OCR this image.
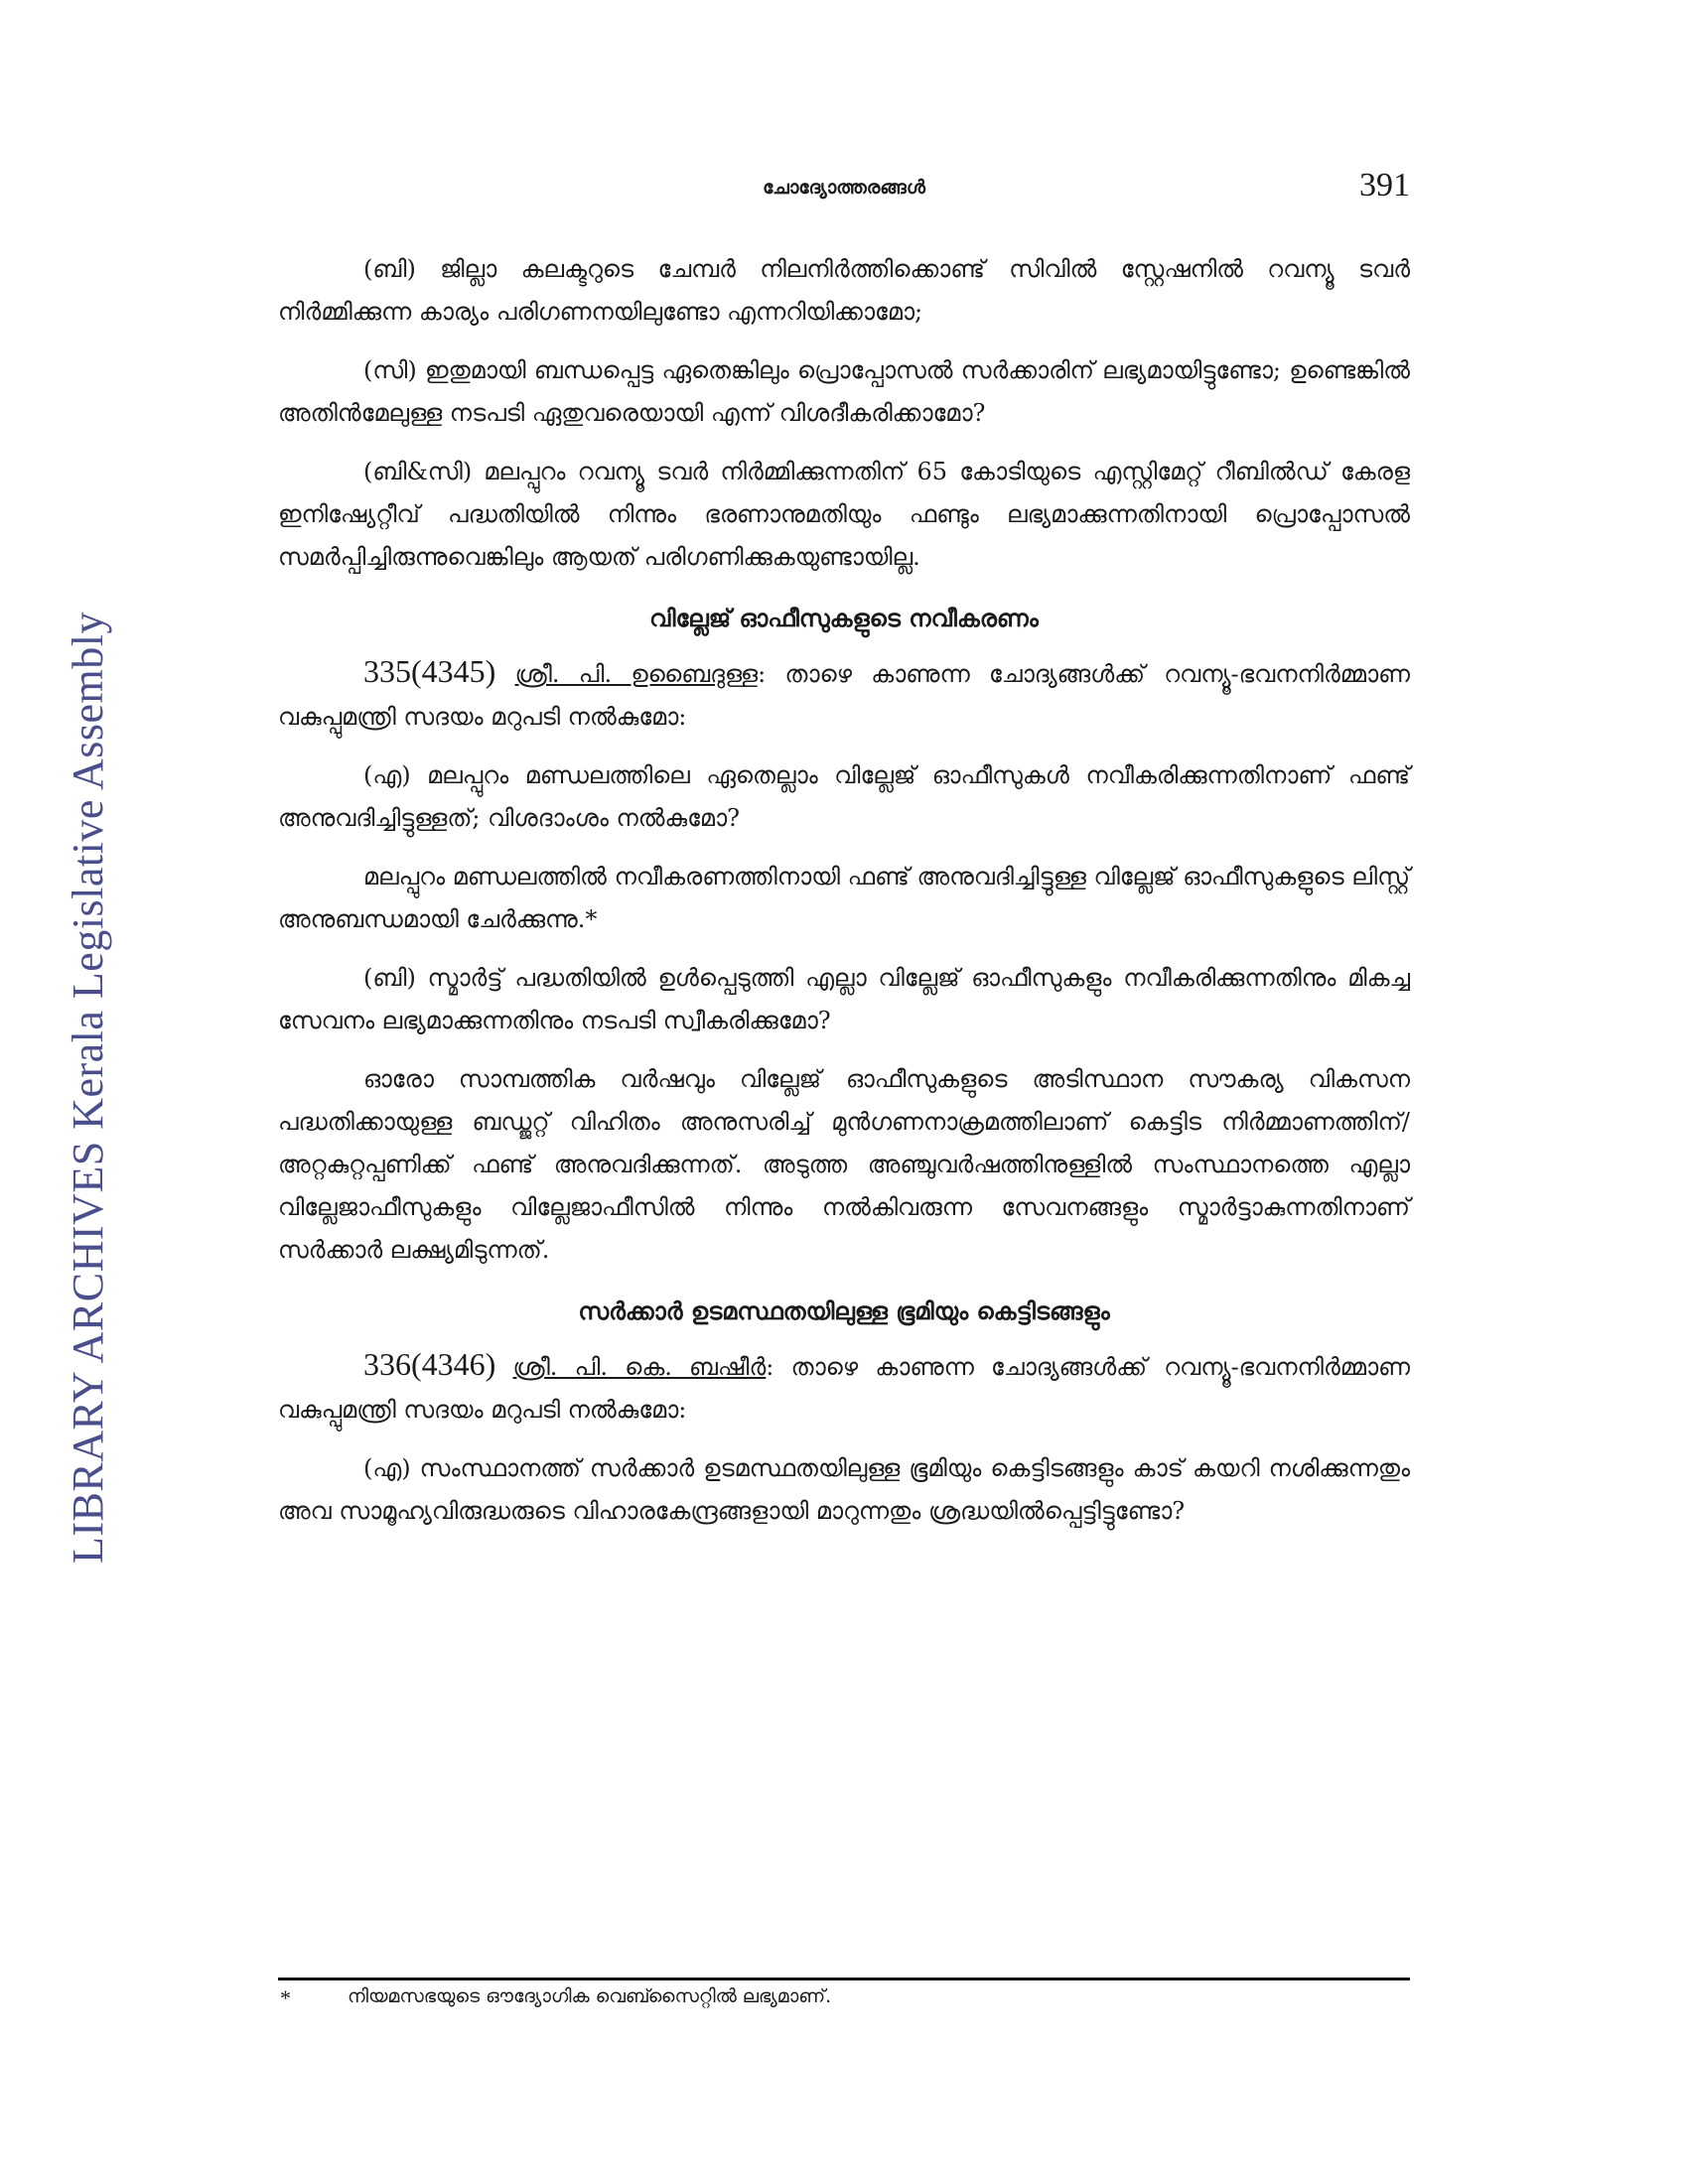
LIBRARY ARCHIVES Kerala Legislative Assembly
ചോദ്യോത്തരങ്ങൾ	391

(ബി) ജില്ലാ കലക്ടറുടെ ചേമ്പർ നിലനിർത്തിക്കൊണ്ട് സിവിൽ സ്റ്റേഷനിൽ റവന്യൂ ടവർ നിർമ്മിക്കുന്ന കാര്യം പരിഗണനയിലുണ്ടോ എന്നറിയിക്കാമോ;

(സി) ഇതുമായി ബന്ധപ്പെട്ട ഏതെങ്കിലും പ്രൊപ്പോസൽ സർക്കാരിന് ലഭ്യമായിട്ടുണ്ടോ; ഉണ്ടെങ്കിൽ അതിൻമേലുള്ള നടപടി ഏതുവരെയായി എന്ന് വിശദീകരിക്കാമോ?

(ബി&സി) മലപ്പുറം റവന്യൂ ടവർ നിർമ്മിക്കുന്നതിന് 65 കോടിയുടെ എസ്റ്റിമേറ്റ് റീബിൽഡ് കേരള ഇനിഷ്യേറ്റീവ് പദ്ധതിയിൽ നിന്നും ഭരണാനുമതിയും ഫണ്ടും ലഭ്യമാക്കുന്നതിനായി പ്രൊപ്പോസൽ സമർപ്പിച്ചിരുന്നുവെങ്കിലും ആയത് പരിഗണിക്കുകയുണ്ടായില്ല.

വില്ലേജ് ഓഫീസുകളുടെ നവീകരണം

335(4345) ശ്രീ. പി. ഉബൈദുള്ള: താഴെ കാണുന്ന ചോദ്യങ്ങൾക്ക് റവന്യൂ-ഭവനനിർമ്മാണ വകുപ്പുമന്ത്രി സദയം മറുപടി നൽകുമോ:

(എ) മലപ്പുറം മണ്ഡലത്തിലെ ഏതെല്ലാം വില്ലേജ് ഓഫീസുകൾ നവീകരിക്കുന്നതിനാണ് ഫണ്ട് അനുവദിച്ചിട്ടുള്ളത്; വിശദാംശം നൽകുമോ?

മലപ്പുറം മണ്ഡലത്തിൽ നവീകരണത്തിനായി ഫണ്ട് അനുവദിച്ചിട്ടുള്ള വില്ലേജ് ഓഫീസുകളുടെ ലിസ്റ്റ് അനുബന്ധമായി ചേർക്കുന്നു.*

(ബി) സ്മാർട്ട് പദ്ധതിയിൽ ഉൾപ്പെടുത്തി എല്ലാ വില്ലേജ് ഓഫീസുകളും നവീകരിക്കുന്നതിനും മികച്ച സേവനം ലഭ്യമാക്കുന്നതിനും നടപടി സ്വീകരിക്കുമോ?

ഓരോ സാമ്പത്തിക വർഷവും വില്ലേജ് ഓഫീസുകളുടെ അടിസ്ഥാന സൗകര്യ വികസന പദ്ധതിക്കായുള്ള ബഡ്ജറ്റ് വിഹിതം അനുസരിച്ച് മുൻഗണനാക്രമത്തിലാണ് കെട്ടിട നിർമ്മാണത്തിന്/അറ്റകുറ്റപ്പണിക്ക് ഫണ്ട് അനുവദിക്കുന്നത്. അടുത്ത അഞ്ചുവർഷത്തിനുള്ളിൽ സംസ്ഥാനത്തെ എല്ലാ വില്ലേജാഫീസുകളും വില്ലേജാഫീസിൽ നിന്നും നൽകിവരുന്ന സേവനങ്ങളും സ്മാർട്ടാകുന്നതിനാണ് സർക്കാർ ലക്ഷ്യമിടുന്നത്.

സർക്കാർ ഉടമസ്ഥതയിലുള്ള ഭൂമിയും കെട്ടിടങ്ങളും

336(4346) ശ്രീ. പി. കെ. ബഷീർ: താഴെ കാണുന്ന ചോദ്യങ്ങൾക്ക് റവന്യൂ-ഭവനനിർമ്മാണ വകുപ്പുമന്ത്രി സദയം മറുപടി നൽകുമോ:

(എ) സംസ്ഥാനത്ത് സർക്കാർ ഉടമസ്ഥതയിലുള്ള ഭൂമിയും കെട്ടിടങ്ങളും കാട് കയറി നശിക്കുന്നതും അവ സാമൂഹ്യവിരുദ്ധരുടെ വിഹാരകേന്ദ്രങ്ങളായി മാറുന്നതും ശ്രദ്ധയിൽപ്പെട്ടിട്ടുണ്ടോ?

*	നിയമസഭയുടെ ഔദ്യോഗിക വെബ്സൈറ്റിൽ ലഭ്യമാണ്.
